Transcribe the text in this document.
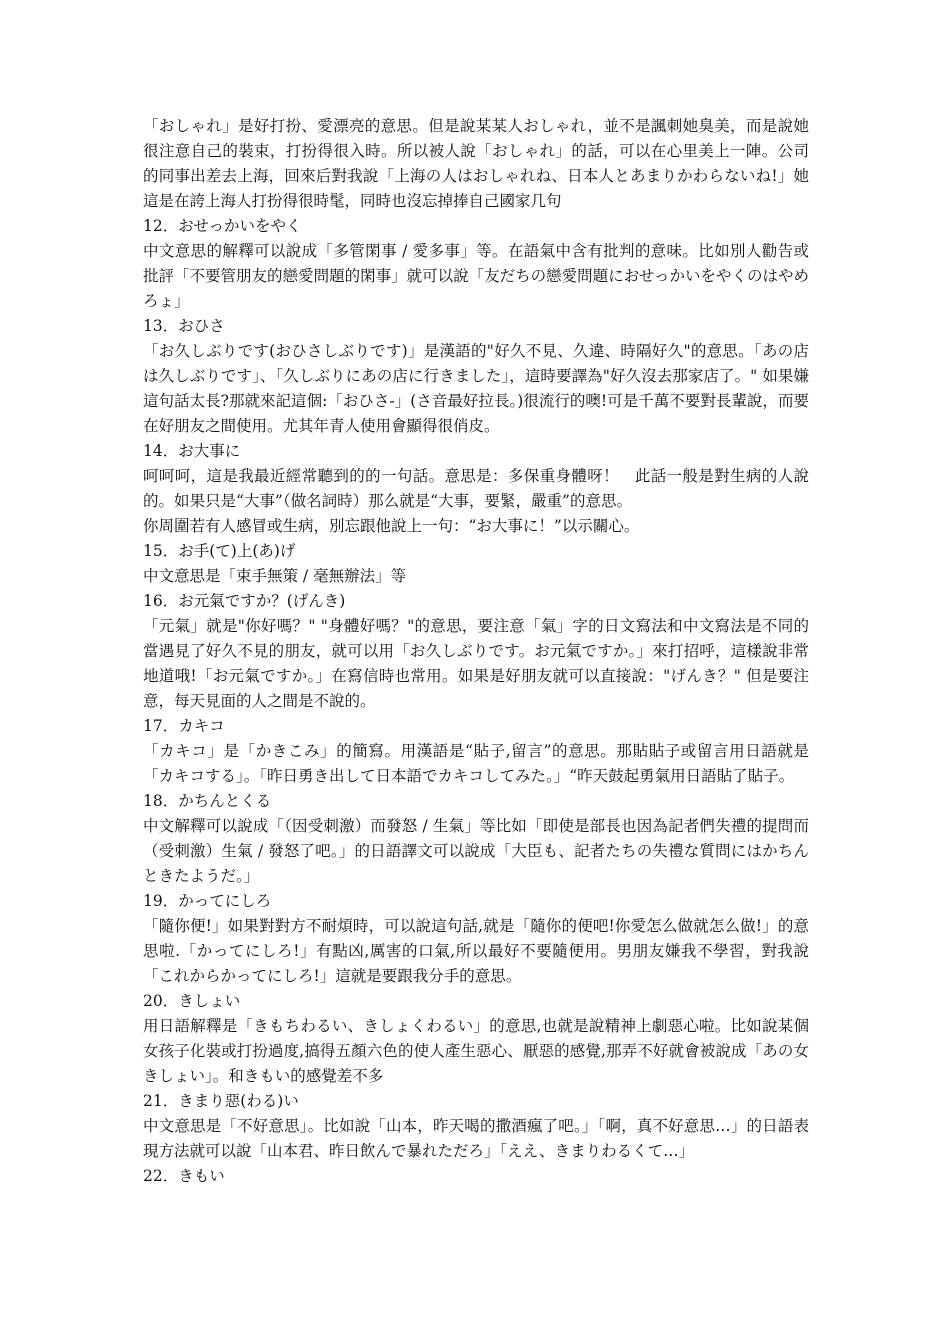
「おしゃれ」是好打扮、愛漂亮的意思。但是說某某人おしゃれ，並不是諷刺她臭美，而是說她很注意自己的裝束，打扮得很入時。所以被人說「おしゃれ」的話，可以在心里美上一陣。公司的同事出差去上海，回來后對我說「上海の人はおしゃれね、日本人とあまりかわらないね!」她這是在誇上海人打扮得很時髦，同時也沒忘掉捧自己國家几句

12．おせっかいをやく

中文意思的解釋可以說成「多管閑事 / 愛多事」等。在語氣中含有批判的意味。比如別人勸告或批評「不要管朋友的戀愛問題的閑事」就可以說「友だちの戀愛問題におせっかいをやくのはやめろょ」

13．おひさ

「お久しぶりです(おひさしぶりです)」是漢語的"好久不見、久違、時隔好久"的意思。「あの店は久しぶりです」、「久しぶりにあの店に行きました」，這時要譯為"好久沒去那家店了。" 如果嫌這句話太長?那就來記這個:「おひさ-」(さ音最好拉長。)很流行的噢!可是千萬不要對長輩說，而要在好朋友之間使用。尤其年青人使用會顯得很俏皮。

14．お大事に

呵呵呵，這是我最近經常聽到的的一句話。意思是：多保重身體呀！　此話一般是對生病的人說的。如果只是“大事”（做名詞時）那么就是“大事，要緊，嚴重”的意思。

你周圍若有人感冒或生病，別忘跟他說上一句：“お大事に！”以示關心。

15．お手(て)上(あ)げ

中文意思是「束手無策 / 毫無辦法」等

16．お元氣ですか？(げんき)

「元氣」就是"你好嗎？" "身體好嗎？"的意思，要注意「氣」字的日文寫法和中文寫法是不同的當遇見了好久不見的朋友，就可以用「お久しぶりです。お元氣ですか。」來打招呼，這樣說非常地道哦!「お元氣ですか。」在寫信時也常用。如果是好朋友就可以直接說："げんき？" 但是要注意，每天見面的人之間是不說的。

17．カキコ

「カキコ」是「かきこみ」的簡寫。用漢語是“貼子,留言”的意思。那貼貼子或留言用日語就是「カキコする」。「昨日勇き出して日本語でカキコしてみた。」“昨天鼓起勇氣用日語貼了貼子。

18．かちんとくる

中文解釋可以說成「（因受刺激）而發怒 / 生氣」等比如「即使是部長也因為記者們失禮的提問而（受刺激）生氣 / 發怒了吧。」的日語譯文可以說成「大臣も、記者たちの失禮な質問にはかちんときたようだ。」

19．かってにしろ

「隨你便!」如果對對方不耐煩時，可以說這句話,就是「隨你的便吧!你愛怎么做就怎么做!」的意思啦.「かってにしろ!」有點凶,厲害的口氣,所以最好不要隨便用。男朋友嫌我不學習，對我說「これからかってにしろ!」這就是要跟我分手的意思。

20．きしょい

用日語解釋是「きもちわるい、きしょくわるい」的意思,也就是說精神上劇惡心啦。比如說某個女孩子化裝或打扮過度,搞得五顏六色的使人產生惡心、厭惡的感覺,那弄不好就會被說成「あの女きしょい」。和きもい的感覺差不多

21．きまり惡(わる)い

中文意思是「不好意思」。比如說「山本，昨天喝的撒酒瘋了吧。」「啊，真不好意思…」的日語表現方法就可以說「山本君、昨日飲んで暴れただろ」「ええ、きまりわるくて…」

22．きもい
